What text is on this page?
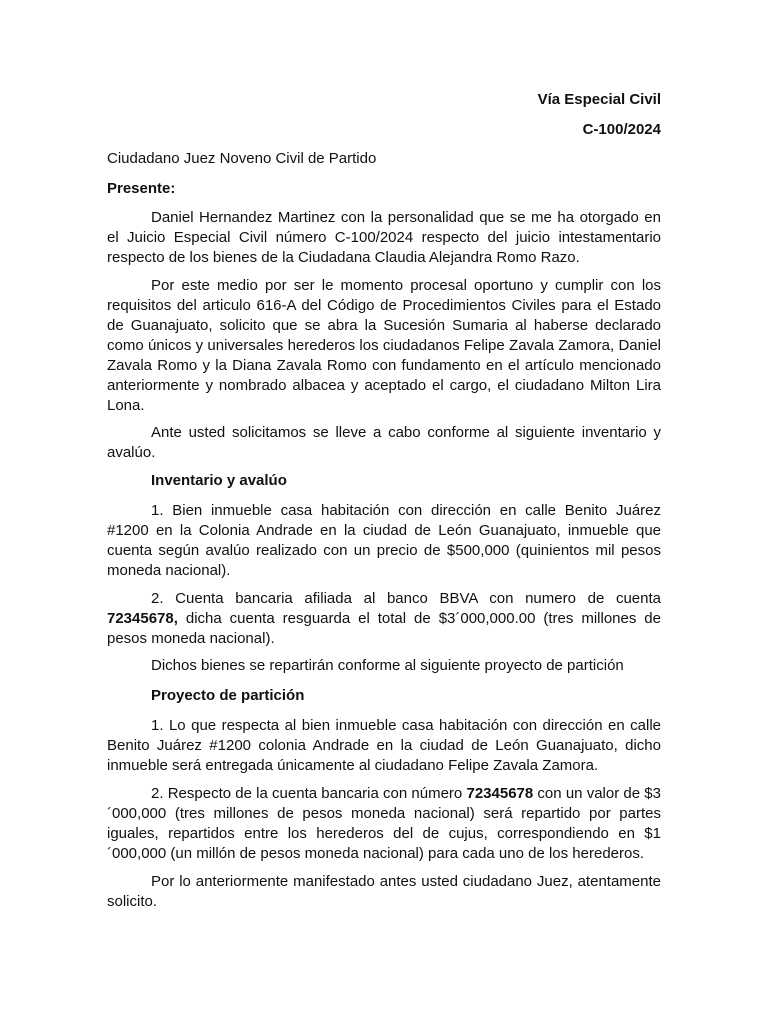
Vía Especial Civil
C-100/2024
Ciudadano Juez Noveno Civil de Partido
Presente:
Daniel Hernandez Martinez con la personalidad que se me ha otorgado en el Juicio Especial Civil número C-100/2024 respecto del juicio intestamentario respecto de los bienes de la Ciudadana Claudia Alejandra Romo Razo.
Por este medio por ser le momento procesal oportuno y cumplir con los requisitos del articulo 616-A del Código de Procedimientos Civiles para el Estado de Guanajuato, solicito que se abra la Sucesión Sumaria al haberse declarado como únicos y universales herederos los ciudadanos Felipe Zavala Zamora, Daniel Zavala Romo y la Diana Zavala Romo con fundamento en el artículo mencionado anteriormente y nombrado albacea y aceptado el cargo, el ciudadano Milton Lira Lona.
Ante usted solicitamos se lleve a cabo conforme al siguiente inventario y avalúo.
Inventario y avalúo
1. Bien inmueble casa habitación con dirección en calle Benito Juárez #1200 en la Colonia Andrade en la ciudad de León Guanajuato, inmueble que cuenta según avalúo realizado con un precio de $500,000 (quinientos mil pesos moneda nacional).
2. Cuenta bancaria afiliada al banco BBVA con numero de cuenta 72345678, dicha cuenta resguarda el total de $3´000,000.00 (tres millones de pesos moneda nacional).
Dichos bienes se repartirán conforme al siguiente proyecto de partición
Proyecto de partición
1. Lo que respecta al bien inmueble casa habitación con dirección en calle Benito Juárez #1200 colonia Andrade en la ciudad de León Guanajuato, dicho inmueble será entregada únicamente al ciudadano Felipe Zavala Zamora.
2. Respecto de la cuenta bancaria con número 72345678 con un valor de $3´000,000 (tres millones de pesos moneda nacional) será repartido por partes iguales, repartidos entre los herederos del de cujus, correspondiendo en $1 ´000,000 (un millón de pesos moneda nacional) para cada uno de los herederos.
Por lo anteriormente manifestado antes usted ciudadano Juez, atentamente solicito.
